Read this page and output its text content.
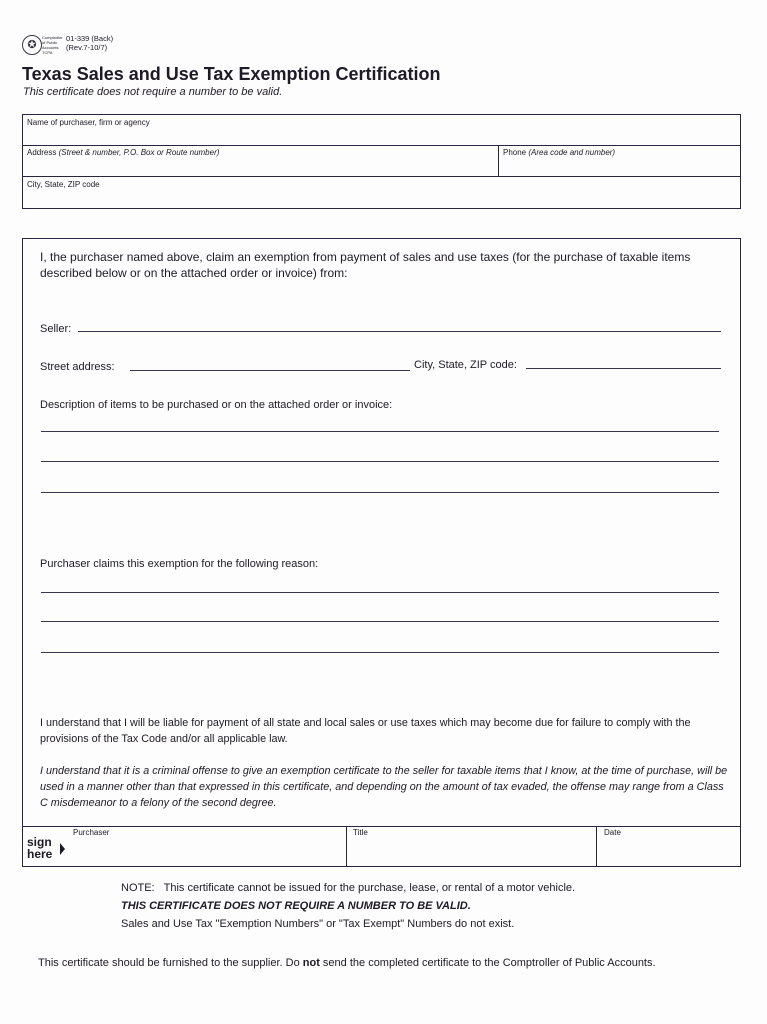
✪
Comptroller of Public Accounts TCPA
01-339 (Back)
(Rev.7-10/7)
Texas Sales and Use Tax Exemption Certification
This certificate does not require a number to be valid.
Name of purchaser, firm or agency
Address (Street & number, P.O. Box or Route number)	Phone (Area code and number)
City, State, ZIP code
I, the purchaser named above, claim an exemption from payment of sales and use taxes (for the purchase of taxable items described below or on the attached order or invoice) from:
Seller:
Street address:	City, State, ZIP code:
Description of items to be purchased or on the attached order or invoice:
Purchaser claims this exemption for the following reason:
I understand that I will be liable for payment of all state and local sales or use taxes which may become due for failure to comply with the provisions of the Tax Code and/or all applicable law.
I understand that it is a criminal offense to give an exemption certificate to the seller for taxable items that I know, at the time of purchase, will be used in a manner other than that expressed in this certificate, and depending on the amount of tax evaded, the offense may range from a Class C misdemeanor to a felony of the second degree.
Purchaser	Title	Date
sign
here
NOTE: This certificate cannot be issued for the purchase, lease, or rental of a motor vehicle.
THIS CERTIFICATE DOES NOT REQUIRE A NUMBER TO BE VALID.
Sales and Use Tax "Exemption Numbers" or "Tax Exempt" Numbers do not exist.
This certificate should be furnished to the supplier. Do not send the completed certificate to the Comptroller of Public Accounts.
